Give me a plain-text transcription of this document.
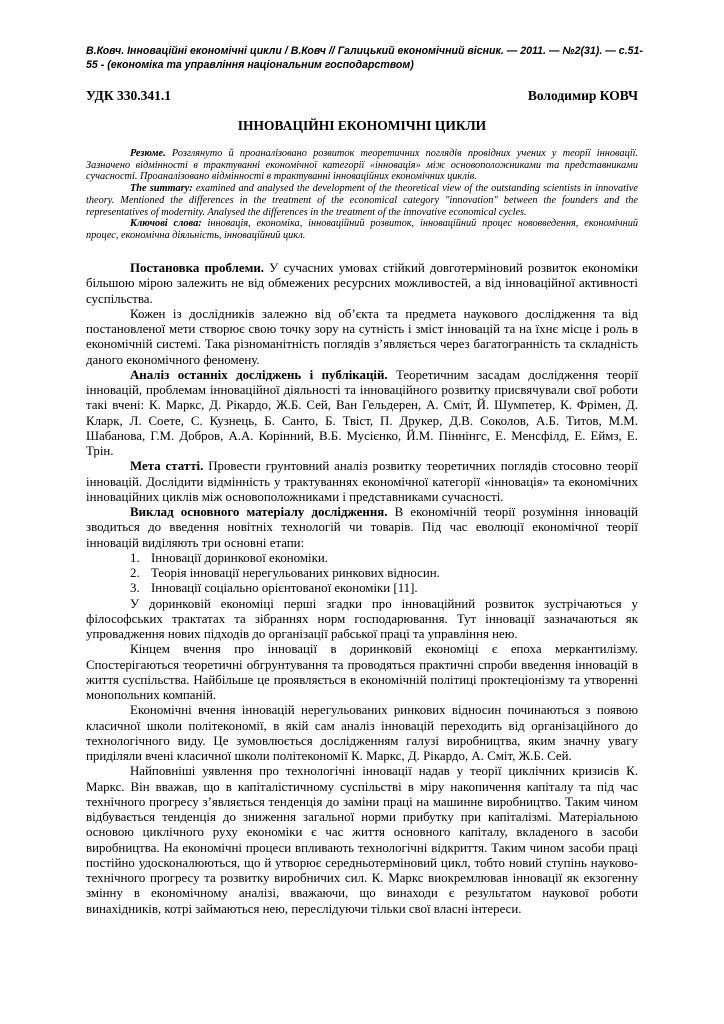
В.Ковч. Інноваційні економічні цикли / В.Ковч // Галицький економічний вісник. — 2011. — №2(31). — с.51-55 - (економіка та управління національним господарством)

УДК 330.341.1	Володимир КОВЧ
ІННОВАЦІЙНІ ЕКОНОМІЧНІ ЦИКЛИ

Резюме. Розглянуто й проаналізовано розвиток теоретичних поглядів провідних учених у теорії інновації. Зазначено відмінності в трактуванні економічної категорії «інновація» між основоположниками та представниками сучасності. Проаналізовано відмінності в трактуванні інноваційних економічних циклів.

The summary: examined and analysed the development of the theoretical view of the outstanding scientists in innovative theory. Mentioned the differences in the treatment of the economical category "innovation" between the founders and the representatives of modernity. Analysed the differences in the treatment of the innovative economical cycles.

Ключові слова: інновація, економіка, інноваційний розвиток, інноваційний процес нововведення, економічний процес, економічна діяльність, інноваційний цикл.

Постановка проблеми. У сучасних умовах стійкий довготерміновий розвиток економіки більшою мірою залежить не від обмежених ресурсних можливостей, а від інноваційної активності суспільства.

Кожен із дослідників залежно від об’єкта та предмета наукового дослідження та від постановленої мети створює свою точку зору на сутність і зміст інновацій та на їхнє місце і роль в економічній системі. Така різноманітність поглядів з’являється через багатогранність та складність даного економічного феномену.

Аналіз останніх досліджень і публікацій. Теоретичним засадам дослідження теорії інновацій, проблемам інноваційної діяльності та інноваційного розвитку присвячували свої роботи такі вчені: К. Маркс, Д. Рікардо, Ж.Б. Сей, Ван Гельдерен, А. Сміт, Й. Шумпетер, К. Фрімен, Д. Кларк, Л. Соете, С. Кузнець, Б. Санто, Б. Твіст, П. Друкер, Д.В. Соколов, А.Б. Титов, М.М. Шабанова, Г.М. Добров, А.А. Корінний, В.Б. Мусієнко, Й.М. Піннінгс, Е. Менсфілд, Е. Еймз, Е. Трін.

Мета статті. Провести грунтовний аналіз розвитку теоретичних поглядів стосовно теорії інновацій. Дослідити відмінність у трактуваннях економічної категорії «інновація» та економічних інноваційних циклів між основоположниками і представниками сучасності.

Виклад основного матеріалу дослідження. В економічній теорії розуміння інновацій зводиться до введення новітніх технологій чи товарів. Під час еволюції економічної теорії інновацій виділяють три основні етапи:

1. Інновації доринкової економіки.
2. Теорія інновації нерегульованих ринкових відносин.
3. Інновації соціально орієнтованої економіки [11].

У доринковій економіці перші згадки про інноваційний розвиток зустрічаються у філософських трактатах та зібраннях норм господарювання. Тут інновації зазначаються як упровадження нових підходів до організації рабської праці та управління нею.

Кінцем вчення про інновації в доринковій економіці є епоха меркантилізму. Спостерігаються теоретичні обгрунтування та проводяться практичні спроби введення інновацій в життя суспільства. Найбільше це проявляється в економічній політиці проктеціонізму та утворенні монопольних компаній.

Економічні вчення інновацій нерегульованих ринкових відносин починаються з появою класичної школи політекономії, в якій сам аналіз інновацій переходить від організаційного до технологічного виду. Це зумовлюється дослідженням галузі виробництва, яким значну увагу приділяли вчені класичної школи політекономії К. Маркс, Д. Рікардо, А. Сміт, Ж.Б. Сей.

Найповніші уявлення про технологічні інновації надав у теорії циклічних кризисів К. Маркс. Він вважав, що в капіталістичному суспільстві в міру накопичення капіталу та під час технічного прогресу з’являється тенденція до заміни праці на машинне виробництво. Таким чином відбувається тенденція до зниження загальної норми прибутку при капіталізмі. Матеріальною основою циклічного руху економіки є час життя основного капіталу, вкладеного в засоби виробництва. На економічні процеси впливають технологічні відкриття. Таким чином засоби праці постійно удосконалюються, що й утворює середньотерміновий цикл, тобто новий ступінь науково-технічного прогресу та розвитку виробничих сил. К. Маркс виокремлював інновації як екзогенну змінну в економічному аналізі, вважаючи, що винаходи є результатом наукової роботи винахідників, котрі займаються нею, переслідуючи тільки свої власні інтереси.
